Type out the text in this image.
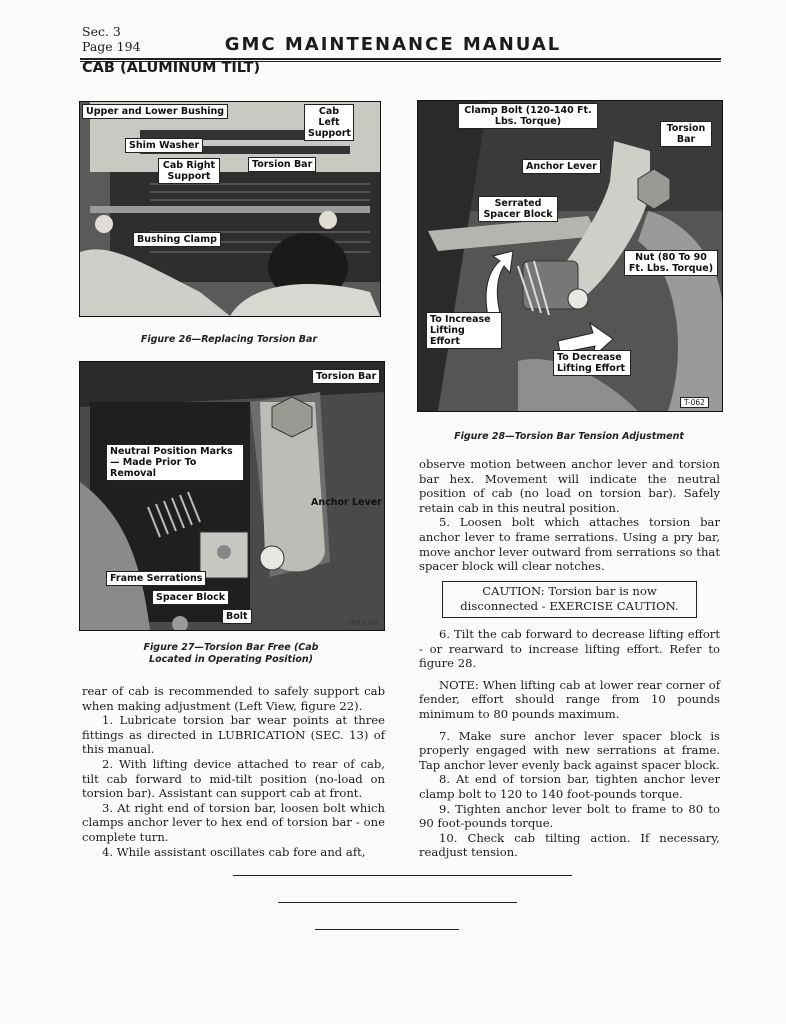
Sec. 3
Page 194	GMC MAINTENANCE MANUAL
CAB (ALUMINUM TILT)
Upper and Lower Bushing
Shim Washer
Cab Right Support
Torsion Bar
Cab Left Support
Bushing Clamp
TPM-9215
Figure 26—Replacing Torsion Bar
Torsion Bar
Neutral Position Marks— Made Prior To Removal
Anchor Lever
Frame Serrations
Spacer Block
Bolt
TPM-9216
Figure 27—Torsion Bar Free (Cab
Located in Operating Position)
Clamp Bolt (120-140 Ft. Lbs. Torque)
Torsion Bar
Anchor Lever
Serrated Spacer Block
Nut (80 To 90 Ft. Lbs. Torque)
To Increase Lifting Effort
To Decrease Lifting Effort
T-062
Figure 28—Torsion Bar Tension Adjustment

rear of cab is recommended to safely support cab when making adjustment (Left View, figure 22).

1. Lubricate torsion bar wear points at three fittings as directed in LUBRICATION (SEC. 13) of this manual.

2. With lifting device attached to rear of cab, tilt cab forward to mid-tilt position (no-load on torsion bar). Assistant can support cab at front.

3. At right end of torsion bar, loosen bolt which clamps anchor lever to hex end of torsion bar - one complete turn.

4. While assistant oscillates cab fore and aft,

observe motion between anchor lever and torsion bar hex. Movement will indicate the neutral position of cab (no load on torsion bar). Safely retain cab in this neutral position.

5. Loosen bolt which attaches torsion bar anchor lever to frame serrations. Using a pry bar, move anchor lever outward from serrations so that spacer block will clear notches.

CAUTION: Torsion bar is now
disconnected - EXERCISE CAUTION.

6. Tilt the cab forward to decrease lifting effort - or rearward to increase lifting effort. Refer to figure 28.

NOTE: When lifting cab at lower rear corner of fender, effort should range from 10 pounds minimum to 80 pounds maximum.

7. Make sure anchor lever spacer block is properly engaged with new serrations at frame. Tap anchor lever evenly back against spacer block.

8. At end of torsion bar, tighten anchor lever clamp bolt to 120 to 140 foot-pounds torque.

9. Tighten anchor lever bolt to frame to 80 to 90 foot-pounds torque.

10. Check cab tilting action. If necessary, readjust tension.
